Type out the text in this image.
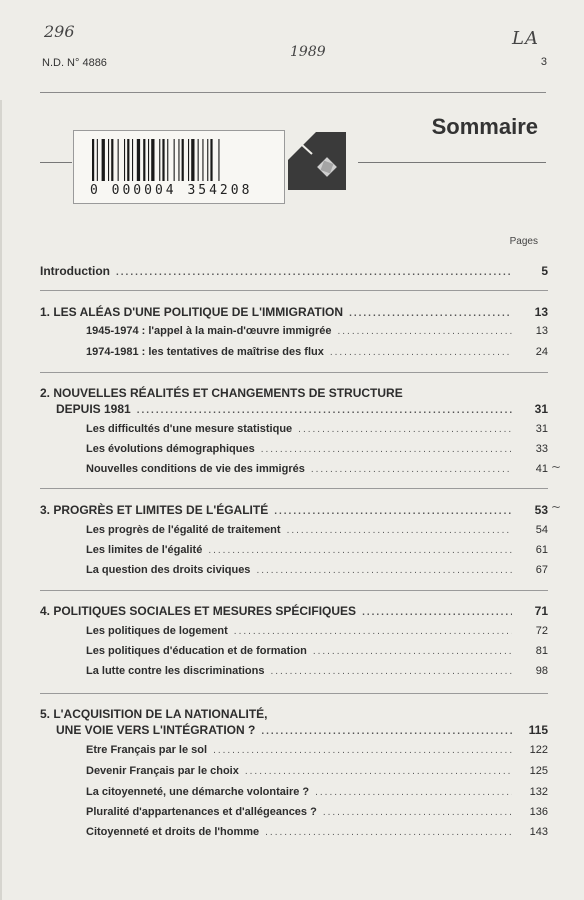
296
1989
LA
N.D. N° 4886	3
0 000004 354208
Sommaire
Pages
Introduction .....	5
1. LES ALÉAS D'UNE POLITIQUE DE L'IMMIGRATION .....	13
1945-1974 : l'appel à la main-d'œuvre immigrée .....	13
1974-1981 : les tentatives de maîtrise des flux .....	24
2. NOUVELLES RÉALITÉS ET CHANGEMENTS DE STRUCTURE
DEPUIS 1981 .....	31
Les difficultés d'une mesure statistique .....	31
Les évolutions démographiques .....	33
Nouvelles conditions de vie des immigrés .....	41 ~
3. PROGRÈS ET LIMITES DE L'ÉGALITÉ .....	53 ~
Les progrès de l'égalité de traitement .....	54
Les limites de l'égalité .....	61
La question des droits civiques .....	67
4. POLITIQUES SOCIALES ET MESURES SPÉCIFIQUES .....	71
Les politiques de logement .....	72
Les politiques d'éducation et de formation .....	81
La lutte contre les discriminations .....	98
5. L'ACQUISITION DE LA NATIONALITÉ,
UNE VOIE VERS L'INTÉGRATION ? .....	115
Etre Français par le sol .....	122
Devenir Français par le choix .....	125
La citoyenneté, une démarche volontaire ? .....	132
Pluralité d'appartenances et d'allégeances ? .....	136
Citoyenneté et droits de l'homme .....	143
